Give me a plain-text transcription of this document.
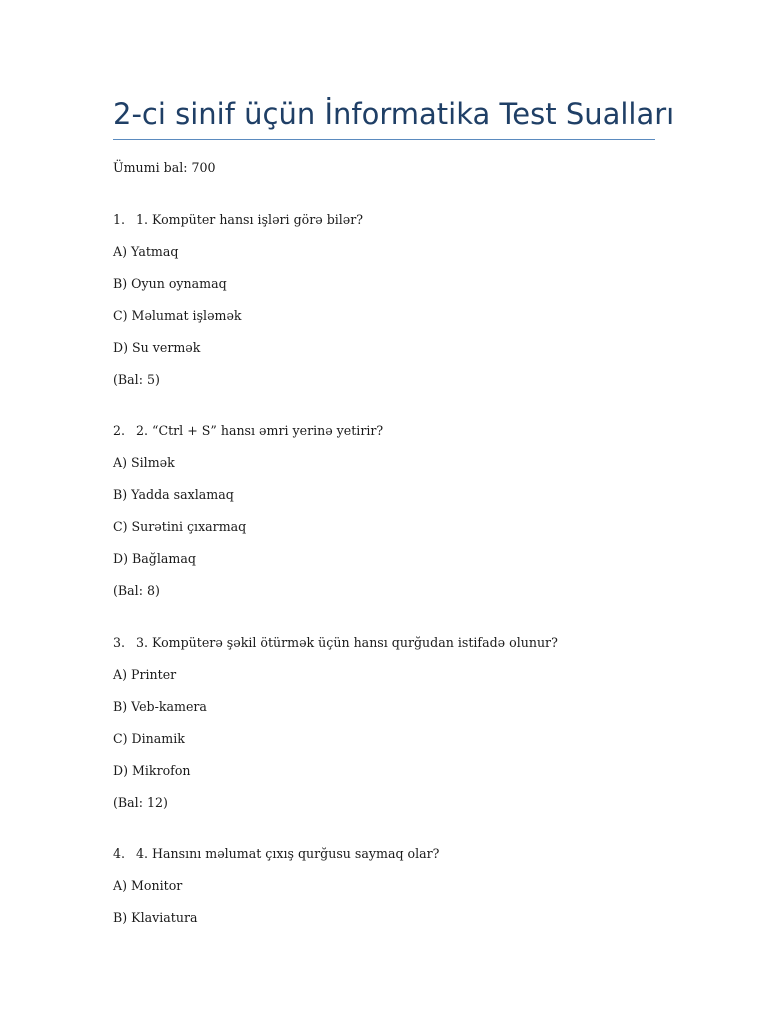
2-ci sinif üçün İnformatika Test Sualları

Ümumi bal: 700

1. 1. Kompüter hansı işləri görə bilər?

A) Yatmaq

B) Oyun oynamaq

C) Məlumat işləmək

D) Su vermək

(Bal: 5)

2. 2. “Ctrl + S” hansı əmri yerinə yetirir?

A) Silmək

B) Yadda saxlamaq

C) Surətini çıxarmaq

D) Bağlamaq

(Bal: 8)

3. 3. Kompüterə şəkil ötürmək üçün hansı qurğudan istifadə olunur?

A) Printer

B) Veb-kamera

C) Dinamik

D) Mikrofon

(Bal: 12)

4. 4. Hansını məlumat çıxış qurğusu saymaq olar?

A) Monitor

B) Klaviatura
